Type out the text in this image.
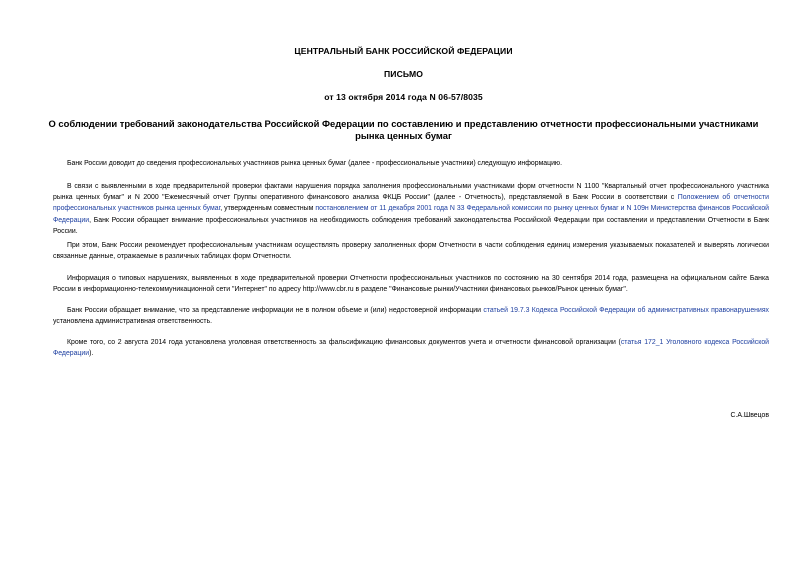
ЦЕНТРАЛЬНЫЙ БАНК РОССИЙСКОЙ ФЕДЕРАЦИИ
ПИСЬМО
от 13 октября 2014 года N 06-57/8035
О соблюдении требований законодательства Российской Федерации по составлению и представлению отчетности профессиональными участниками рынка ценных бумаг

Банк России доводит до сведения профессиональных участников рынка ценных бумаг (далее - профессиональные участники) следующую информацию.

В связи с выявленными в ходе предварительной проверки фактами нарушения порядка заполнения профессиональными участниками форм отчетности N 1100 "Квартальный отчет профессионального участника рынка ценных бумаг" и N 2000 "Ежемесячный отчет Группы оперативного финансового анализа ФКЦБ России" (далее - Отчетность), представляемой в Банк России в соответствии с Положением об отчетности профессиональных участников рынка ценных бумаг, утвержденным совместным постановлением от 11 декабря 2001 года N 33 Федеральной комиссии по рынку ценных бумаг и N 109н Министерства финансов Российской Федерации, Банк России обращает внимание профессиональных участников на необходимость соблюдения требований законодательства Российской Федерации при составлении и представлении Отчетности в Банк России.

При этом, Банк России рекомендует профессиональным участникам осуществлять проверку заполненных форм Отчетности в части соблюдения единиц измерения указываемых показателей и выверять логически связанные данные, отражаемые в различных таблицах форм Отчетности.

Информация о типовых нарушениях, выявленных в ходе предварительной проверки Отчетности профессиональных участников по состоянию на 30 сентября 2014 года, размещена на официальном сайте Банка России в информационно-телекоммуникационной сети "Интернет" по адресу http://www.cbr.ru в разделе "Финансовые рынки/Участники финансовых рынков/Рынок ценных бумаг".

Банк России обращает внимание, что за представление информации не в полном объеме и (или) недостоверной информации статьей 19.7.3 Кодекса Российской Федерации об административных правонарушениях установлена административная ответственность.

Кроме того, со 2 августа 2014 года установлена уголовная ответственность за фальсификацию финансовых документов учета и отчетности финансовой организации (статья 172_1 Уголовного кодекса Российской Федерации).

С.А.Швецов
